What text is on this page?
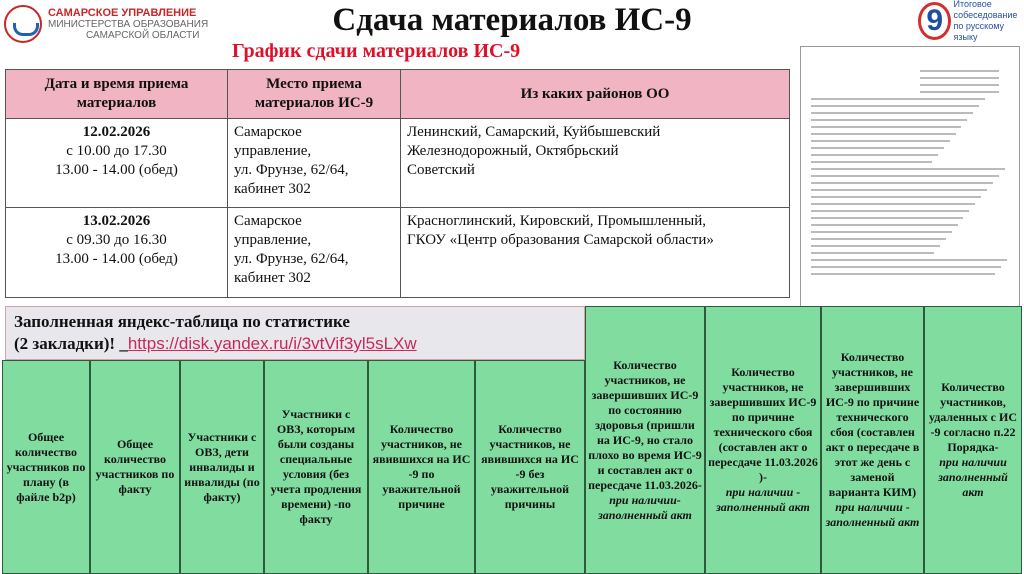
САМАРСКОЕ УПРАВЛЕНИЕ
МИНИСТЕРСТВА ОБРАЗОВАНИЯ
САМАРСКОЙ ОБЛАСТИ	Сдача материалов ИС-9
График сдачи материалов ИС-9
9	Итоговое
собеседование
по русскому языку
Дата и время приема материалов	Место приема материалов ИС-9	Из каких районов ОО
12.02.2026
с 10.00 до 17.30
13.00 - 14.00 (обед)	Самарское
управление,
ул. Фрунзе, 62/64,
кабинет 302	Ленинский, Самарский, Куйбышевский
Железнодорожный, Октябрьский
Советский
13.02.2026
с 09.30 до 16.30
13.00 - 14.00 (обед)	Самарское
управление,
ул. Фрунзе, 62/64,
кабинет 302	Красноглинский, Кировский, Промышленный,
ГКОУ «Центр образования Самарской области»
Заполненная яндекс-таблица по статистике
(2 закладки)! _https://disk.yandex.ru/i/3vtVif3yl5sLXw
Общее количество участников по плану (в файле b2p)
Общее количество участников по факту
Участники с ОВЗ, дети инвалиды и инвалиды (по факту)
Участники с ОВЗ, которым были созданы специальные условия (без учета продления времени) -по факту
Количество участников, не явившихся на ИС -9 по уважительной причине
Количество участников, не явившихся на ИС -9 без уважительной причины
Количество участников, не завершивших ИС-9 по состоянию здоровья (пришли на ИС-9, но стало плохо во время ИС-9 и составлен акт о пересдаче 11.03.2026-
при наличии- заполненный акт
Количество участников, не завершивших ИС-9 по причине технического сбоя (составлен акт о пересдаче 11.03.2026 )-
при наличии - заполненный акт
Количество участников, не завершивших ИС-9 по причине технического сбоя (составлен акт о пересдаче в этот же день с заменой варианта КИМ)
при наличии - заполненный акт
Количество участников, удаленных с ИС -9 согласно п.22 Порядка-
при наличии заполненный акт
